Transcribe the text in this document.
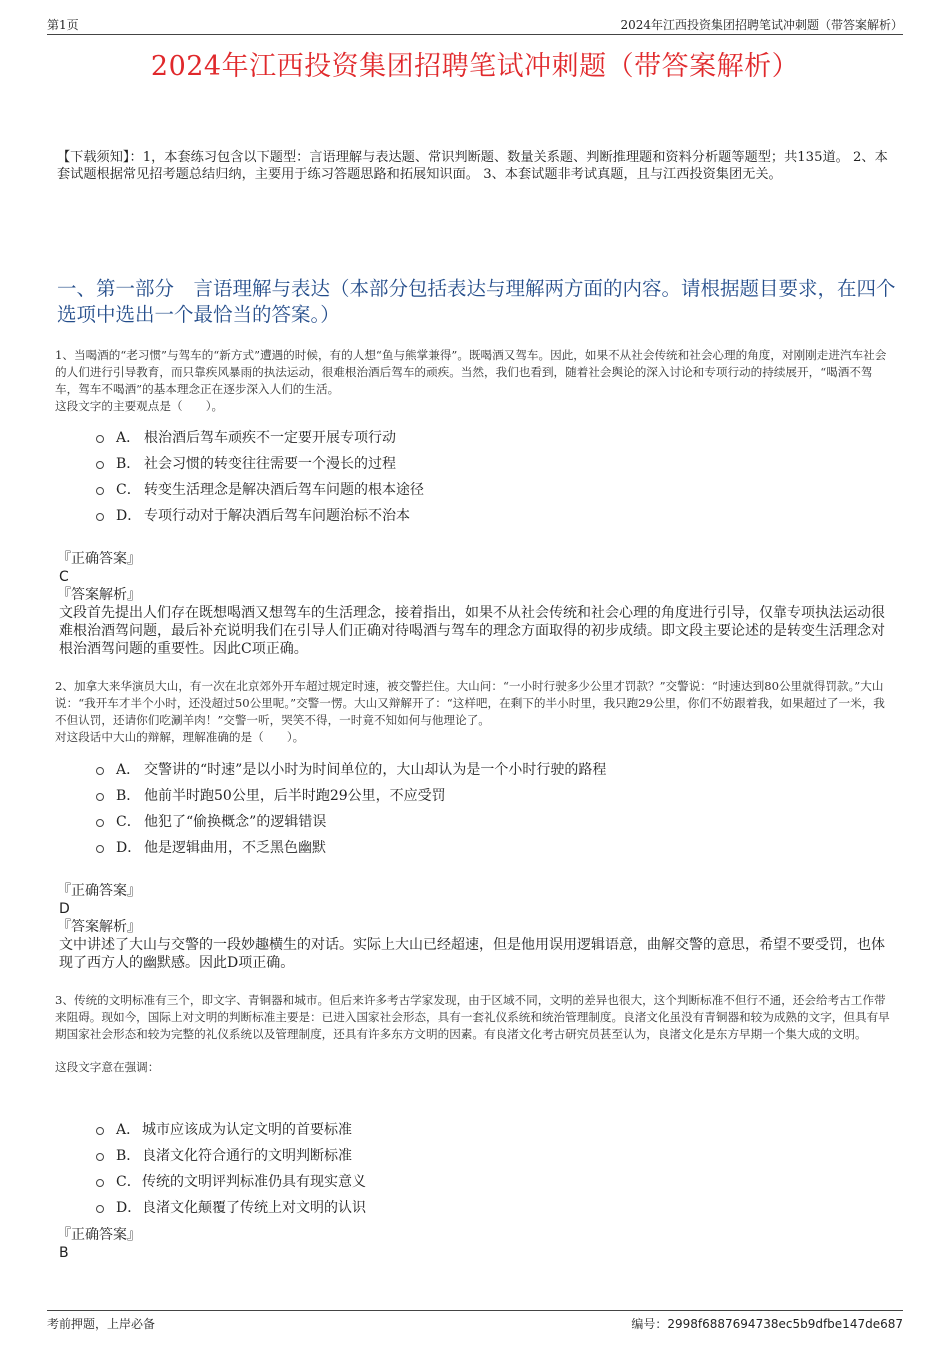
第1页	2024年江西投资集团招聘笔试冲刺题（带答案解析）
2024年江西投资集团招聘笔试冲刺题（带答案解析）
【下载须知】：1，本套练习包含以下题型：言语理解与表达题、常识判断题、数量关系题、判断推理题和资料分析题等题型；共135道。 2、本套试题根据常见招考题总结归纳，主要用于练习答题思路和拓展知识面。 3、本套试题非考试真题，且与江西投资集团无关。
一、第一部分　言语理解与表达（本部分包括表达与理解两方面的内容。请根据题目要求，在四个选项中选出一个最恰当的答案。）
1、当喝酒的“老习惯”与驾车的“新方式”遭遇的时候，有的人想“鱼与熊掌兼得”。既喝酒又驾车。因此，如果不从社会传统和社会心理的角度，对刚刚走进汽车社会的人们进行引导教育，而只靠疾风暴雨的执法运动，很难根治酒后驾车的顽疾。当然，我们也看到，随着社会舆论的深入讨论和专项行动的持续展开，“喝酒不驾车，驾车不喝酒”的基本理念正在逐步深入人们的生活。
这段文字的主要观点是（　　）。
A． 根治酒后驾车顽疾不一定要开展专项行动
B． 社会习惯的转变往往需要一个漫长的过程
C． 转变生活理念是解决酒后驾车问题的根本途径
D． 专项行动对于解决酒后驾车问题治标不治本
『正确答案』
C
『答案解析』
文段首先提出人们存在既想喝酒又想驾车的生活理念，接着指出，如果不从社会传统和社会心理的角度进行引导，仅靠专项执法运动很难根治酒驾问题，最后补充说明我们在引导人们正确对待喝酒与驾车的理念方面取得的初步成绩。即文段主要论述的是转变生活理念对根治酒驾问题的重要性。因此C项正确。
2、加拿大来华演员大山，有一次在北京郊外开车超过规定时速，被交警拦住。大山问：“一小时行驶多少公里才罚款？”交警说：“时速达到80公里就得罚款。”大山说：“我开车才半个小时，还没超过50公里呢。”交警一愣。大山又辩解开了：“这样吧，在剩下的半小时里，我只跑29公里，你们不妨跟着我，如果超过了一米，我不但认罚，还请你们吃涮羊肉！”交警一听，哭笑不得，一时竟不知如何与他理论了。
对这段话中大山的辩解，理解准确的是（　　）。
A． 交警讲的“时速”是以小时为时间单位的，大山却认为是一个小时行驶的路程
B． 他前半时跑50公里，后半时跑29公里，不应受罚
C． 他犯了“偷换概念”的逻辑错误
D． 他是逻辑曲用，不乏黑色幽默
『正确答案』
D
『答案解析』
文中讲述了大山与交警的一段妙趣横生的对话。实际上大山已经超速，但是他用误用逻辑语意，曲解交警的意思，希望不要受罚，也体现了西方人的幽默感。因此D项正确。
3、传统的文明标准有三个，即文字、青铜器和城市。但后来许多考古学家发现，由于区域不同，文明的差异也很大，这个判断标准不但行不通，还会给考古工作带来阻碍。现如今，国际上对文明的判断标准主要是：已进入国家社会形态，具有一套礼仪系统和统治管理制度。良渚文化虽没有青铜器和较为成熟的文字，但具有早期国家社会形态和较为完整的礼仪系统以及管理制度，还具有许多东方文明的因素。有良渚文化考古研究员甚至认为，良渚文化是东方早期一个集大成的文明。
这段文字意在强调：
A． 城市应该成为认定文明的首要标准
B． 良渚文化符合通行的文明判断标准
C． 传统的文明评判标准仍具有现实意义
D． 良渚文化颠覆了传统上对文明的认识
『正确答案』
B
考前押题，上岸必备	编号：2998f6887694738ec5b9dfbe147de687
